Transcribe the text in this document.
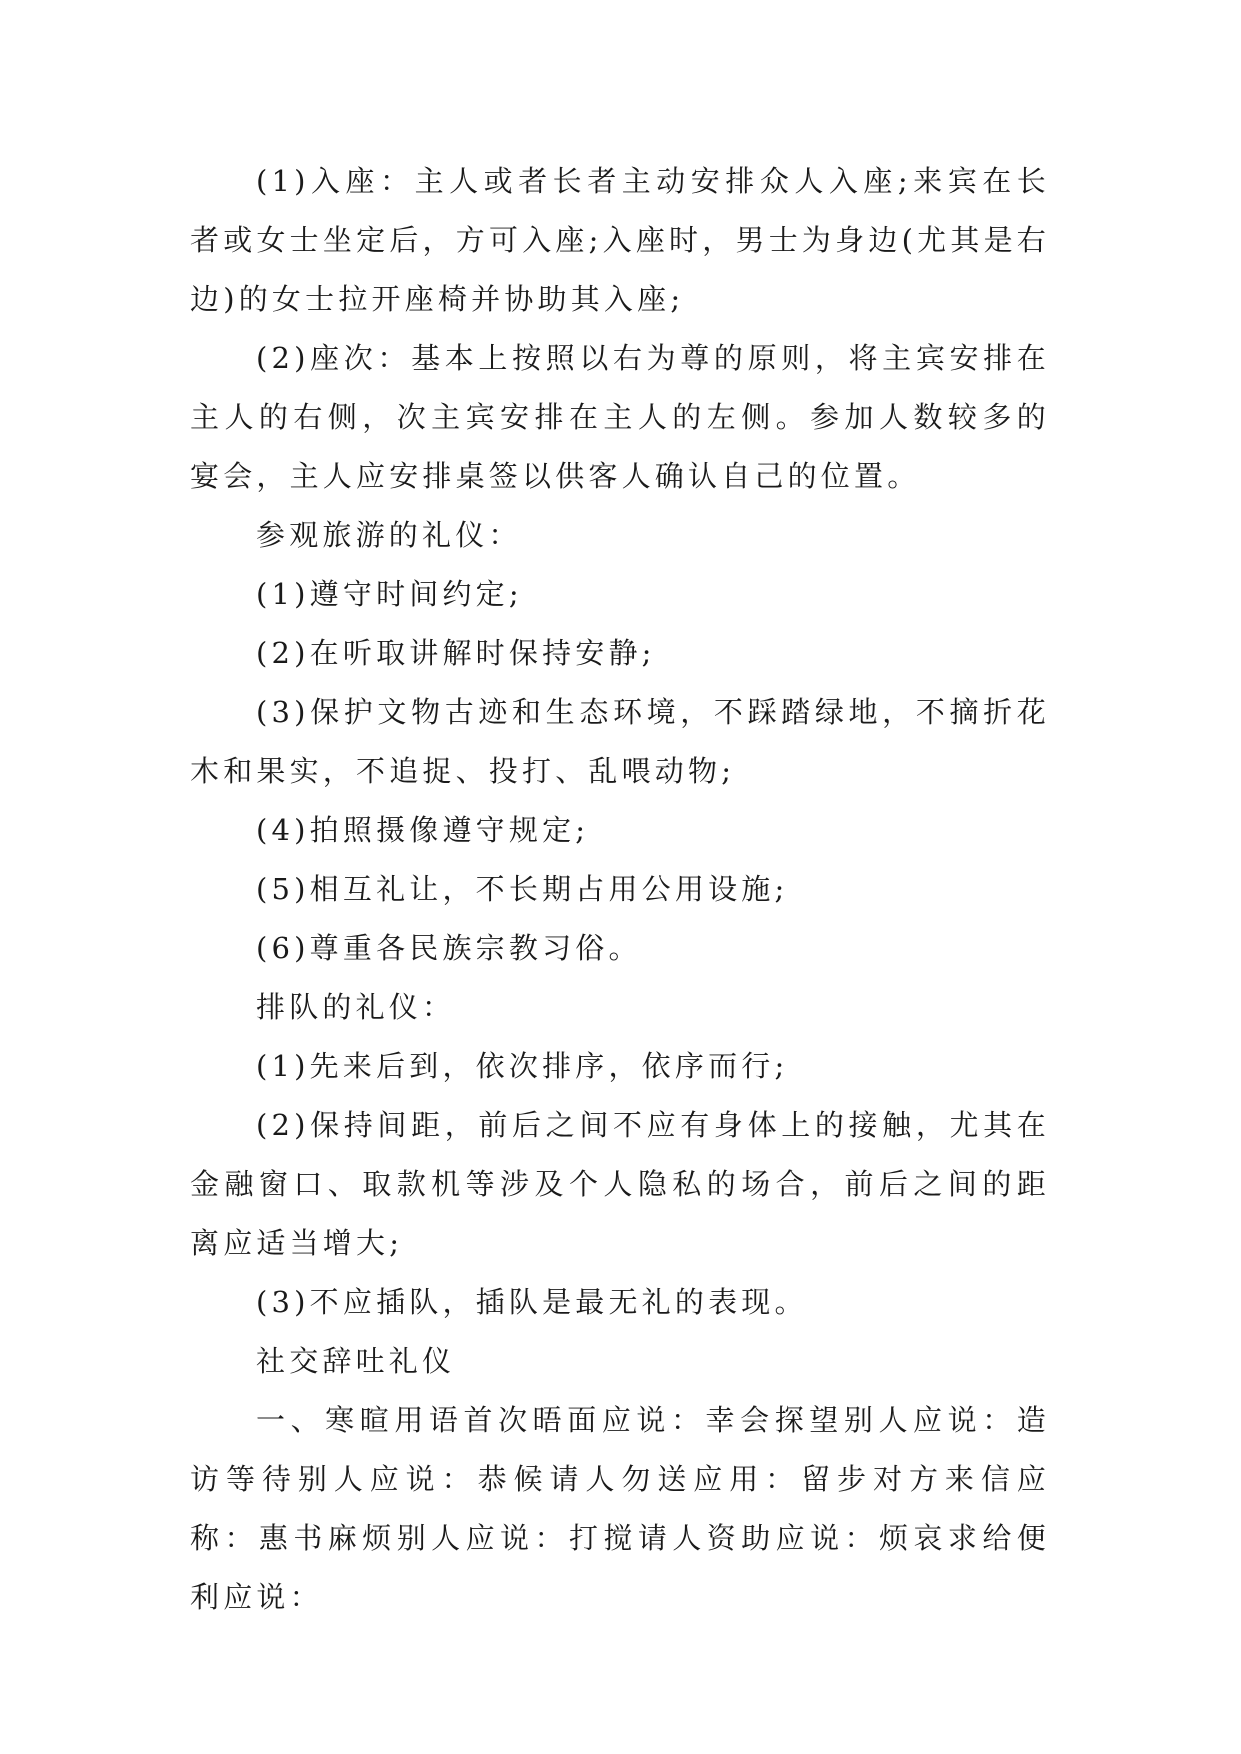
(1)入座：主人或者长者主动安排众人入座;来宾在长者或女士坐定后，方可入座;入座时，男士为身边(尤其是右边)的女士拉开座椅并协助其入座;

(2)座次：基本上按照以右为尊的原则，将主宾安排在主人的右侧，次主宾安排在主人的左侧。参加人数较多的宴会，主人应安排桌签以供客人确认自己的位置。

参观旅游的礼仪：

(1)遵守时间约定;

(2)在听取讲解时保持安静;

(3)保护文物古迹和生态环境，不踩踏绿地，不摘折花木和果实，不追捉、投打、乱喂动物;

(4)拍照摄像遵守规定;

(5)相互礼让，不长期占用公用设施;

(6)尊重各民族宗教习俗。

排队的礼仪：

(1)先来后到，依次排序，依序而行;

(2)保持间距，前后之间不应有身体上的接触，尤其在金融窗口、取款机等涉及个人隐私的场合，前后之间的距离应适当增大;

(3)不应插队，插队是最无礼的表现。

社交辞吐礼仪

一、寒暄用语首次晤面应说：幸会探望别人应说：造访等待别人应说：恭候请人勿送应用：留步对方来信应称：惠书麻烦别人应说：打搅请人资助应说：烦哀求给便利应说：
